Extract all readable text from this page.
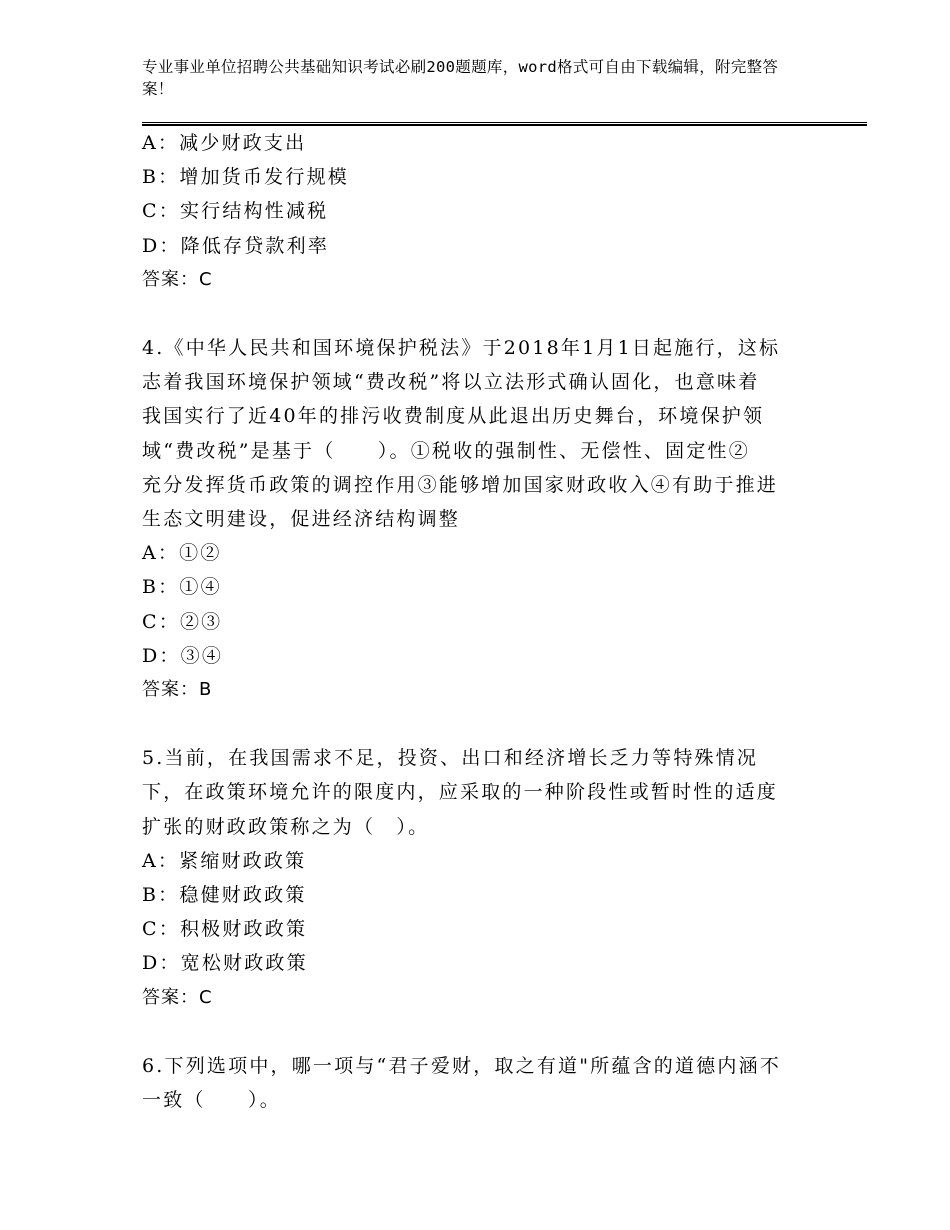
专业事业单位招聘公共基础知识考试必刷200题题库，word格式可自由下载编辑，附完整答案！
A：减少财政支出
B：增加货币发行规模
C：实行结构性减税
D：降低存贷款利率
答案：C
4.《中华人民共和国环境保护税法》于2018年1月1日起施行，这标
志着我国环境保护领域“费改税”将以立法形式确认固化，也意味着
我国实行了近40年的排污收费制度从此退出历史舞台，环境保护领
域“费改税”是基于（　　）。①税收的强制性、无偿性、固定性②
充分发挥货币政策的调控作用③能够增加国家财政收入④有助于推进
生态文明建设，促进经济结构调整
A：①②
B：①④
C：②③
D：③④
答案：B
5.当前，在我国需求不足，投资、出口和经济增长乏力等特殊情况
下，在政策环境允许的限度内，应采取的一种阶段性或暂时性的适度
扩张的财政政策称之为（　）。
A：紧缩财政政策
B：稳健财政政策
C：积极财政政策
D：宽松财政政策
答案：C
6.下列选项中，哪一项与“君子爱财，取之有道"所蕴含的道德内涵不
一致（　　）。
